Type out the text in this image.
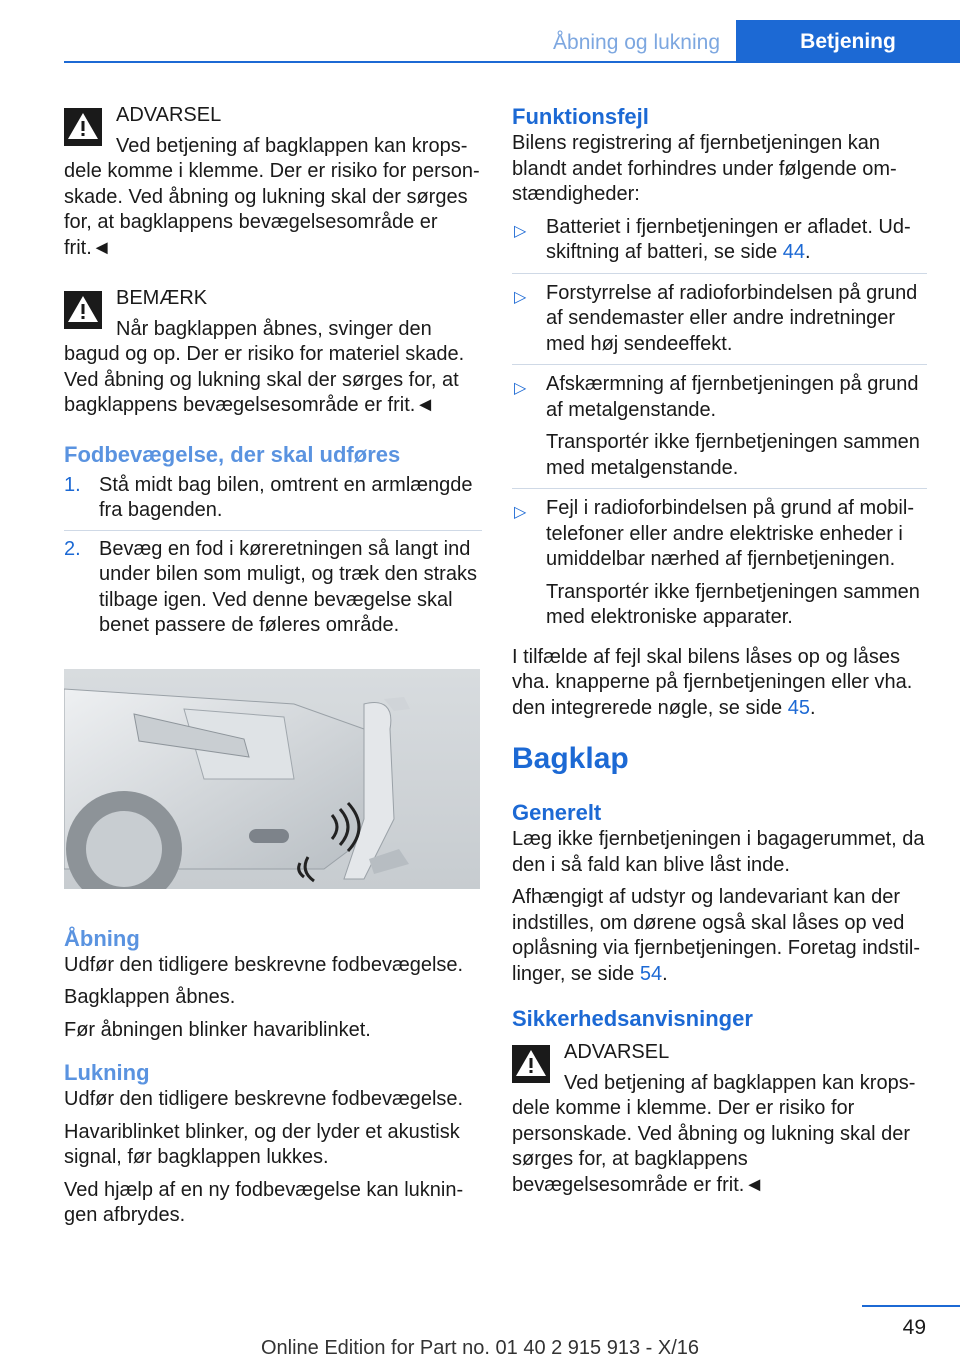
Åbning og lukning	Betjening
ADVARSEL

Ved betjening af bagklappen kan kropsdele komme i klemme. Der er risiko for personskade. Ved åbning og lukning skal der sørges for, at bagklappens bevægelsesområde er frit.◄

BEMÆRK

Når bagklappen åbnes, svinger den bagud og op. Der er risiko for materiel skade. Ved åbning og lukning skal der sørges for, at bagklappens bevægelsesområde er frit.◄

Fodbevægelse, der skal udføres
1. Stå midt bag bilen, omtrent en armlængde fra bagenden.
2. Bevæg en fod i køreretningen så langt ind under bilen som muligt, og træk den straks tilbage igen. Ved denne bevægelse skal benet passere de føleres område.
Åbning

Udfør den tidligere beskrevne fodbevægelse.

Bagklappen åbnes.

Før åbningen blinker havariblinket.

Lukning

Udfør den tidligere beskrevne fodbevægelse.

Havariblinket blinker, og der lyder et akustisk signal, før bagklappen lukkes.

Ved hjælp af en ny fodbevægelse kan lukningen afbrydes.

Funktionsfejl

Bilens registrering af fjernbetjeningen kan blandt andet forhindres under følgende omstændigheder:

▷ Batteriet i fjernbetjeningen er afladet. Udskiftning af batteri, se side 44.
▷ Forstyrrelse af radioforbindelsen på grund af sendemaster eller andre indretninger med høj sendeeffekt.
▷ Afskærmning af fjernbetjeningen på grund af metalgenstande.

Transportér ikke fjernbetjeningen sammen med metalgenstande.

▷ Fejl i radioforbindelsen på grund af mobiltelefoner eller andre elektriske enheder i umiddelbar nærhed af fjernbetjeningen.

Transportér ikke fjernbetjeningen sammen med elektroniske apparater.

I tilfælde af fejl skal bilens låses op og låses vha. knapperne på fjernbetjeningen eller vha. den integrerede nøgle, se side 45.

Bagklap
Generelt

Læg ikke fjernbetjeningen i bagagerummet, da den i så fald kan blive låst inde.

Afhængigt af udstyr og landevariant kan der indstilles, om dørene også skal låses op ved oplåsning via fjernbetjeningen. Foretag indstillinger, se side 54.

Sikkerhedsanvisninger
ADVARSEL

Ved betjening af bagklappen kan kropsdele komme i klemme. Der er risiko for personskade. Ved åbning og lukning skal der sørges for, at bagklappens bevægelsesområde er frit.◄

49
Online Edition for Part no. 01 40 2 915 913 - X/16
